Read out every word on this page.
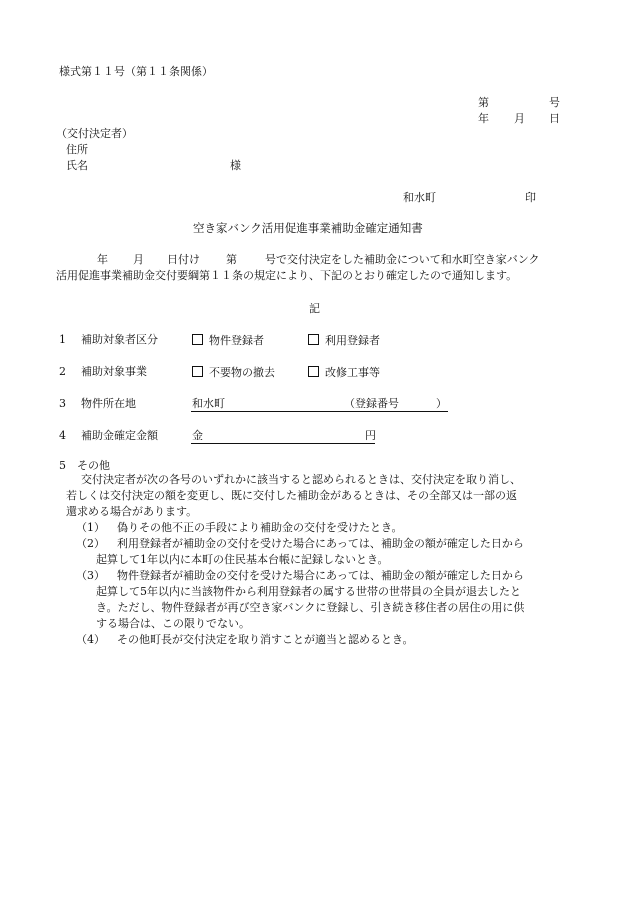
様式第１１号（第１１条関係）
第	号
年 月 日
（交付決定者）
住所
氏名	様
和水町	印
空き家バンク活用促進事業補助金確定通知書
年 月 日付け 第	号で交付決定をした補助金について和水町空き家バンク
活用促進事業補助金交付要綱第１１条の規定により、下記のとおり確定したので通知します。
記
1 補助対象者区分	物件登録者	利用登録者
2 補助対象事業	不要物の撤去	改修工事等
3 物件所在地	和水町	（登録番号	）
4 補助金確定金額	金	円
5　その他
交付決定者が次の各号のいずれかに該当すると認められるときは、交付決定を取り消し、
若しくは交付決定の額を変更し、既に交付した補助金があるときは、その全部又は一部の返
還求める場合があります。
（1） 偽りその他不正の手段により補助金の交付を受けたとき。
（2） 利用登録者が補助金の交付を受けた場合にあっては、補助金の額が確定した日から
起算して1年以内に本町の住民基本台帳に記録しないとき。
（3） 物件登録者が補助金の交付を受けた場合にあっては、補助金の額が確定した日から
起算して5年以内に当該物件から利用登録者の属する世帯の世帯員の全員が退去したと
き。ただし、物件登録者が再び空き家バンクに登録し、引き続き移住者の居住の用に供
する場合は、この限りでない。
（4） その他町長が交付決定を取り消すことが適当と認めるとき。
